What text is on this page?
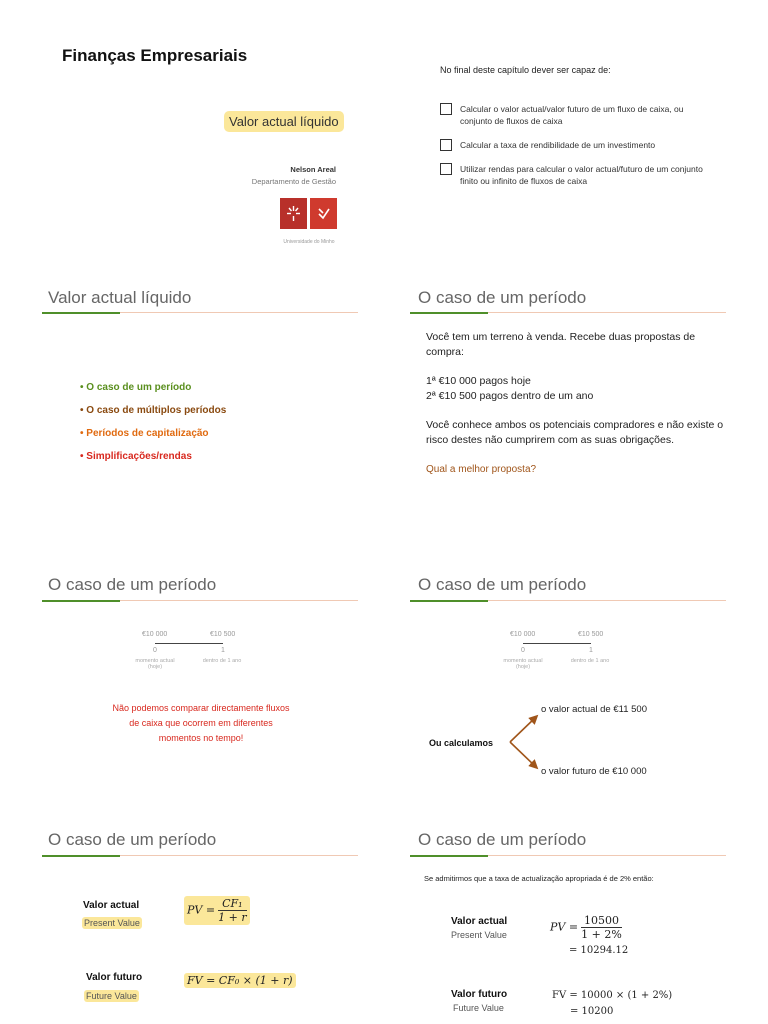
Finanças Empresariais
Valor actual líquido
Nelson Areal
Departamento de Gestão
Universidade do Minho
No final deste capítulo dever ser capaz de:
Calcular o valor actual/valor futuro de um fluxo de caixa, ou conjunto de fluxos de caixa
Calcular a taxa de rendibilidade de um investimento
Utilizar rendas para calcular o valor actual/futuro de um conjunto finito ou infinito de fluxos de caixa
Valor actual líquido
• O caso de um período
• O caso de múltiplos períodos
• Períodos de capitalização
• Simplificações/rendas
O caso de um período
Você tem um terreno à venda. Recebe duas propostas de compra:
1ª €10 000 pagos hoje
2ª €10 500 pagos dentro de um ano
Você conhece ambos os potenciais compradores e não existe o risco destes não cumprirem com as suas obrigações.
Qual a melhor proposta?
O caso de um período
€10 000	€10 500
0	1
momento actual
(hoje)
dentro de 1 ano
Não podemos comparar directamente fluxos de caixa que ocorrem em diferentes momentos no tempo!
O caso de um período
€10 000	€10 500
0	1
momento actual
(hoje)
dentro de 1 ano
Ou calculamos
o valor actual de €11 500
o valor futuro de €10 000
O caso de um período
Valor actual
Present Value
PV = $\frac{\text{CF₁}}{1 + r}$
Valor futuro
Future Value
FV = CF₀ × (1 + r)
O caso de um período
Se admitirmos que a taxa de actualização apropriada é de 2% então:
Valor actual
Present Value
PV = $\frac{10500}{1 + 2\%}$
= 10294.12
Valor futuro
Future Value
FV = 10000 × (1 + 2%)
= 10200
